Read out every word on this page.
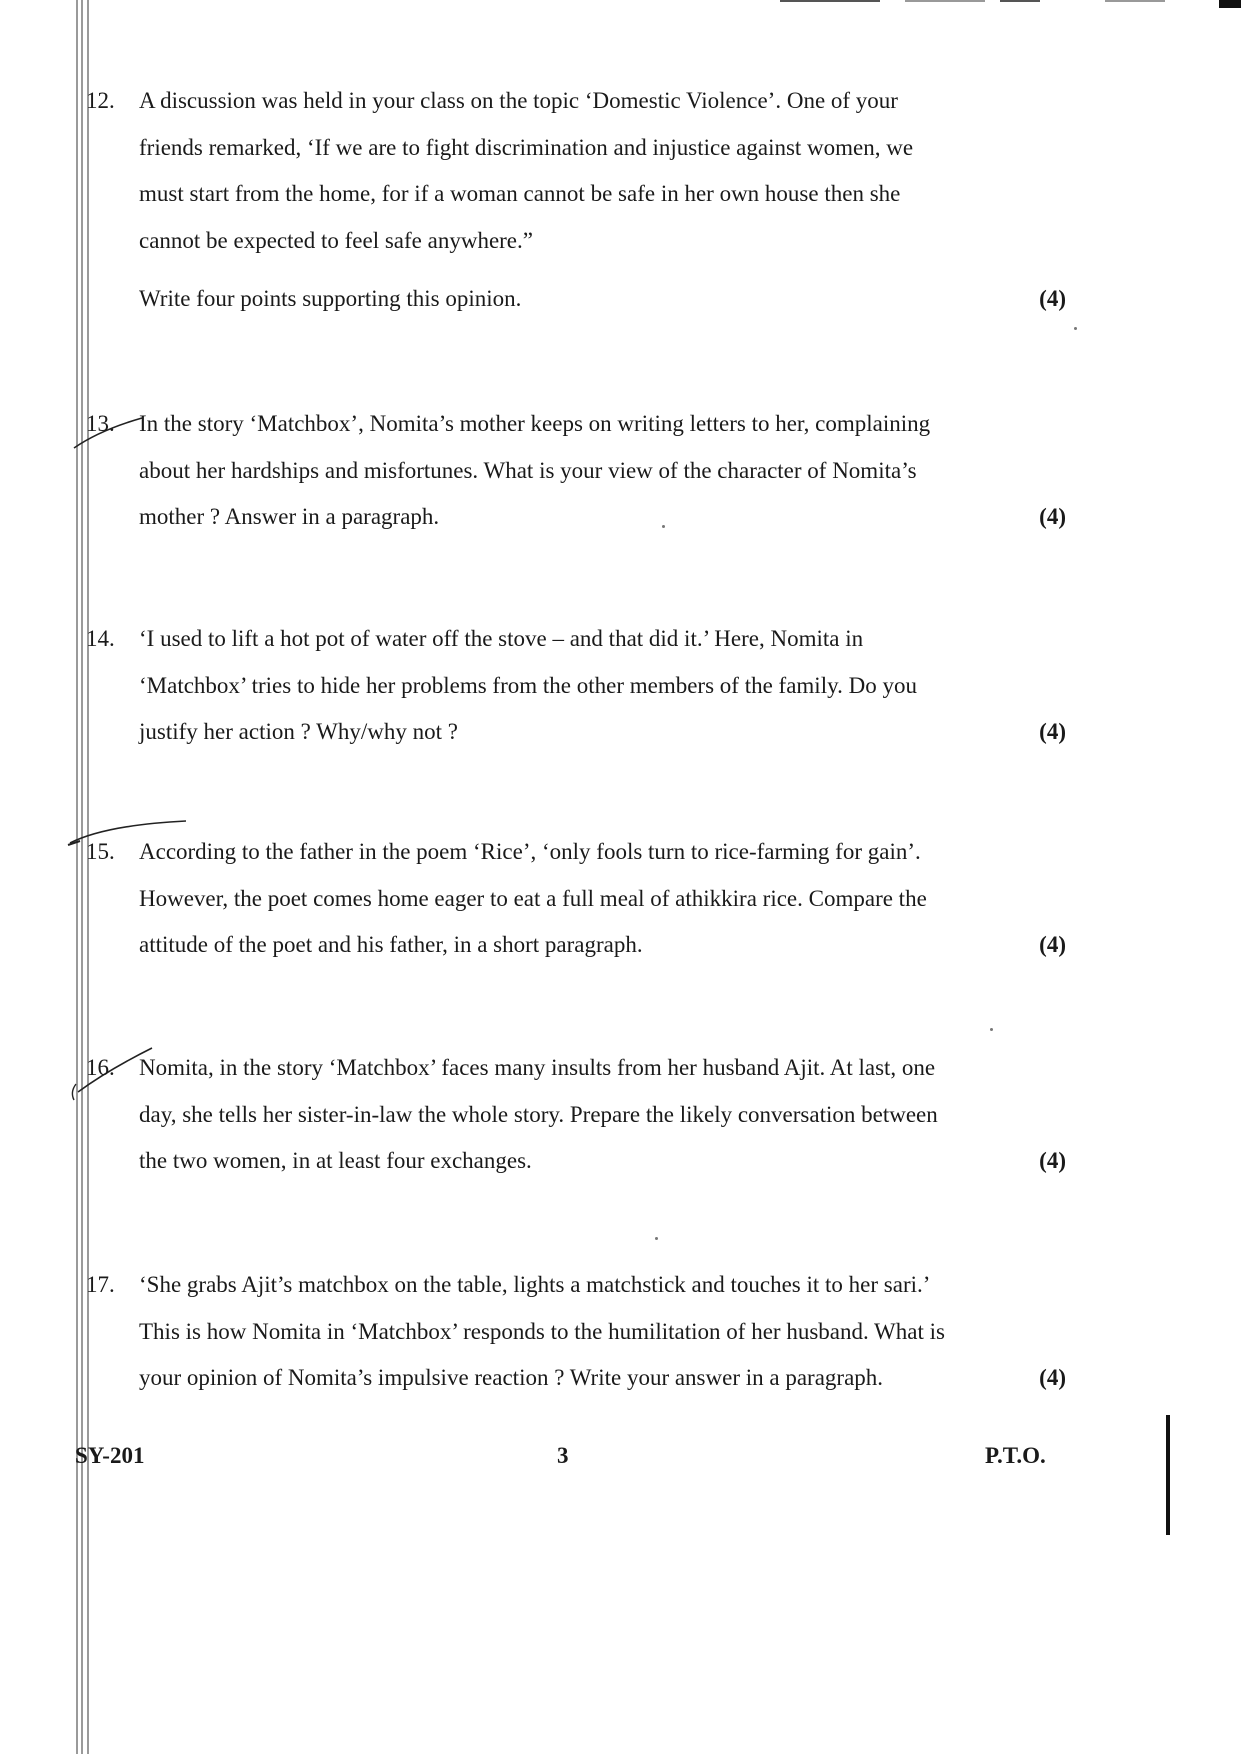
12. A discussion was held in your class on the topic ‘Domestic Violence’. One of your
friends remarked, ‘If we are to fight discrimination and injustice against women, we
must start from the home, for if a woman cannot be safe in her own house then she
cannot be expected to feel safe anywhere.”
Write four points supporting this opinion.	(4)
13. In the story ‘Matchbox’, Nomita’s mother keeps on writing letters to her, complaining
about her hardships and misfortunes. What is your view of the character of Nomita’s
mother ? Answer in a paragraph.	(4)
14. ‘I used to lift a hot pot of water off the stove – and that did it.’ Here, Nomita in
‘Matchbox’ tries to hide her problems from the other members of the family. Do you
justify her action ? Why/why not ?	(4)
15. According to the father in the poem ‘Rice’, ‘only fools turn to rice-farming for gain’.
However, the poet comes home eager to eat a full meal of athikkira rice. Compare the
attitude of the poet and his father, in a short paragraph.	(4)
16. Nomita, in the story ‘Matchbox’ faces many insults from her husband Ajit. At last, one
day, she tells her sister-in-law the whole story. Prepare the likely conversation between
the two women, in at least four exchanges.	(4)
17. ‘She grabs Ajit’s matchbox on the table, lights a matchstick and touches it to her sari.’
This is how Nomita in ‘Matchbox’ responds to the humilitation of her husband. What is
your opinion of Nomita’s impulsive reaction ? Write your answer in a paragraph.	(4)
SY-201	3	P.T.O.
